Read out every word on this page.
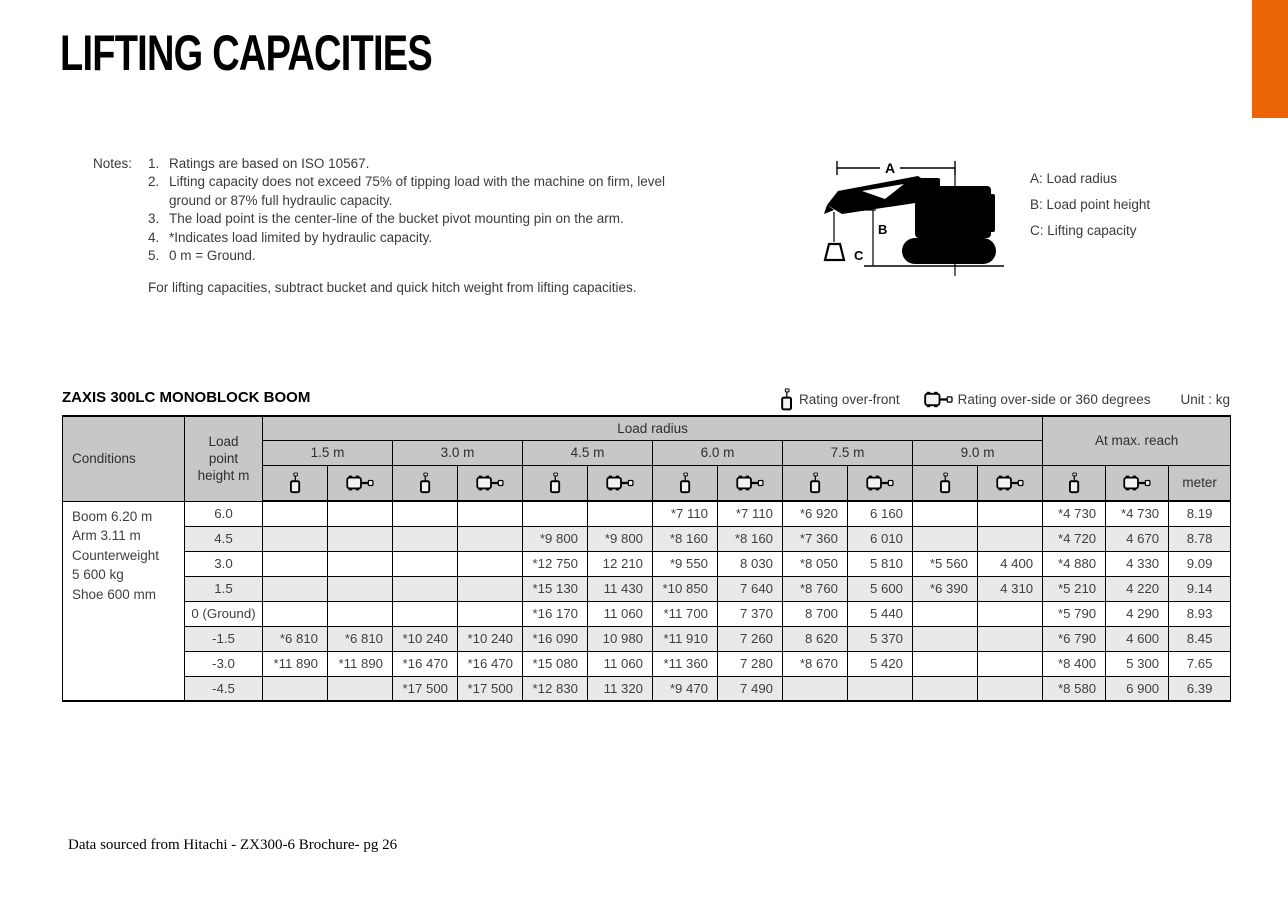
LIFTING CAPACITIES
Notes:	1. Ratings are based on ISO 10567.
2. Lifting capacity does not exceed 75% of tipping load with the machine on firm, level ground or 87% full hydraulic capacity.
3. The load point is the center-line of the bucket pivot mounting pin on the arm.
4. *Indicates load limited by hydraulic capacity.
5. 0 m = Ground.
For lifting capacities, subtract bucket and quick hitch weight from lifting capacities.
A
B
C
A: Load radius
B: Load point height
C: Lifting capacity
ZAXIS 300LC MONOBLOCK BOOM	Rating over-front	Rating over-side or 360 degrees Unit : kg
Conditions	Load point height m	Load radius												At max. reach		
		1.5 m		3.0 m		4.5 m		6.0 m		7.5 m		9.0 m				
														meter

Boom 6.20 m
Arm 3.11 m
Counterweight
5 600 kg
Shoe 600 mm	6.0							*7 110	*7 110	*6 920	6 160			*4 730	*4 730	8.19
	4.5					*9 800	*9 800	*8 160	*8 160	*7 360	6 010			*4 720	4 670	8.78
	3.0					*12 750	12 210	*9 550	8 030	*8 050	5 810	*5 560	4 400	*4 880	4 330	9.09
	1.5					*15 130	11 430	*10 850	7 640	*8 760	5 600	*6 390	4 310	*5 210	4 220	9.14
	0 (Ground)					*16 170	11 060	*11 700	7 370	8 700	5 440			*5 790	4 290	8.93
	-1.5	*6 810	*6 810	*10 240	*10 240	*16 090	10 980	*11 910	7 260	8 620	5 370			*6 790	4 600	8.45
	-3.0	*11 890	*11 890	*16 470	*16 470	*15 080	11 060	*11 360	7 280	*8 670	5 420			*8 400	5 300	7.65
	-4.5			*17 500	*17 500	*12 830	11 320	*9 470	7 490					*8 580	6 900	6.39
Data sourced from Hitachi - ZX300-6 Brochure- pg 26
